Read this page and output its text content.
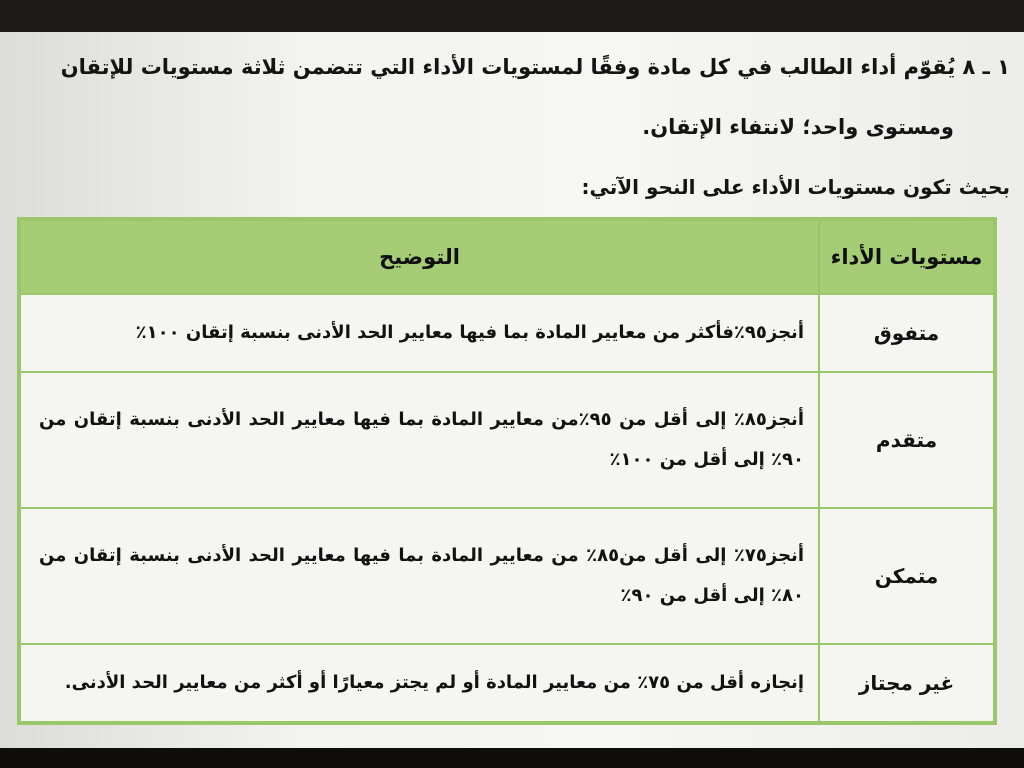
١ ـ ٨ يُقوّم أداء الطالب في كل مادة وفقًا لمستويات الأداء التي تتضمن ثلاثة مستويات للإتقان
ومستوى واحد؛ لانتفاء الإتقان.
بحيث تكون مستويات الأداء على النحو الآتي:
مستويات الأداء	التوضيح
متفوق	أنجز٩٥٪فأكثر من معايير المادة بما فيها معايير الحد الأدنى بنسبة إتقان ١٠٠٪
متقدم	أنجز٨٥٪ إلى أقل من ٩٥٪من معايير المادة بما فيها معايير الحد الأدنى بنسبة إتقان من ٩٠٪ إلى أقل من ١٠٠٪
متمكن	أنجز٧٥٪ إلى أقل من٨٥٪ من معايير المادة بما فيها معايير الحد الأدنى بنسبة إتقان من ٨٠٪ إلى أقل من ٩٠٪
غير مجتاز	إنجازه أقل من ٧٥٪ من معايير المادة أو لم يجتز معيارًا أو أكثر من معايير الحد الأدنى.
